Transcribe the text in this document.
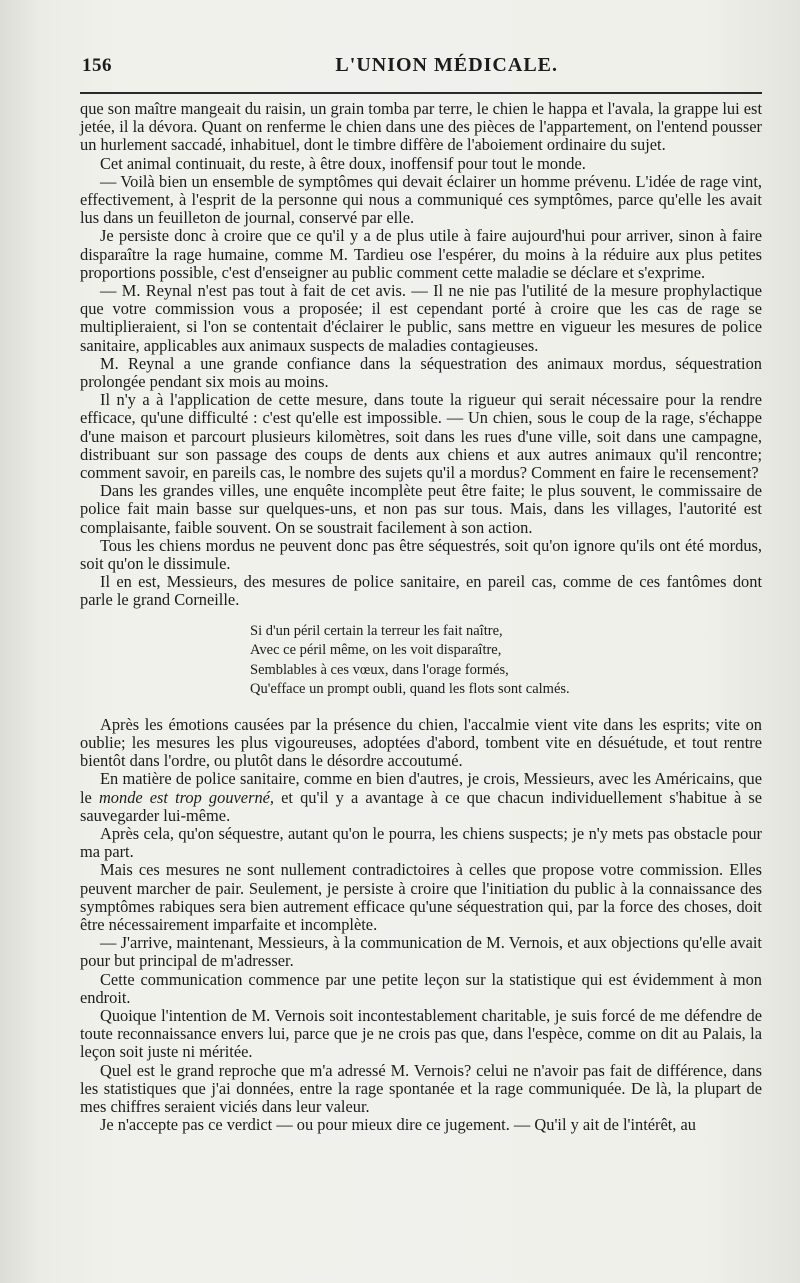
156	L'UNION MÉDICALE.

que son maître mangeait du raisin, un grain tomba par terre, le chien le happa et l'avala, la grappe lui est jetée, il la dévora. Quant on renferme le chien dans une des pièces de l'appartement, on l'entend pousser un hurlement saccadé, inhabituel, dont le timbre diffère de l'aboiement ordinaire du sujet.

Cet animal continuait, du reste, à être doux, inoffensif pour tout le monde.

— Voilà bien un ensemble de symptômes qui devait éclairer un homme prévenu. L'idée de rage vint, effectivement, à l'esprit de la personne qui nous a communiqué ces symptômes, parce qu'elle les avait lus dans un feuilleton de journal, conservé par elle.

Je persiste donc à croire que ce qu'il y a de plus utile à faire aujourd'hui pour arriver, sinon à faire disparaître la rage humaine, comme M. Tardieu ose l'espérer, du moins à la réduire aux plus petites proportions possible, c'est d'enseigner au public comment cette maladie se déclare et s'exprime.

— M. Reynal n'est pas tout à fait de cet avis. — Il ne nie pas l'utilité de la mesure prophylactique que votre commission vous a proposée; il est cependant porté à croire que les cas de rage se multiplieraient, si l'on se contentait d'éclairer le public, sans mettre en vigueur les mesures de police sanitaire, applicables aux animaux suspects de maladies contagieuses.

M. Reynal a une grande confiance dans la séquestration des animaux mordus, séquestration prolongée pendant six mois au moins.

Il n'y a à l'application de cette mesure, dans toute la rigueur qui serait nécessaire pour la rendre efficace, qu'une difficulté : c'est qu'elle est impossible. — Un chien, sous le coup de la rage, s'échappe d'une maison et parcourt plusieurs kilomètres, soit dans les rues d'une ville, soit dans une campagne, distribuant sur son passage des coups de dents aux chiens et aux autres animaux qu'il rencontre; comment savoir, en pareils cas, le nombre des sujets qu'il a mordus? Comment en faire le recensement?

Dans les grandes villes, une enquête incomplète peut être faite; le plus souvent, le commissaire de police fait main basse sur quelques-uns, et non pas sur tous. Mais, dans les villages, l'autorité est complaisante, faible souvent. On se soustrait facilement à son action.

Tous les chiens mordus ne peuvent donc pas être séquestrés, soit qu'on ignore qu'ils ont été mordus, soit qu'on le dissimule.

Il en est, Messieurs, des mesures de police sanitaire, en pareil cas, comme de ces fantômes dont parle le grand Corneille.

Si d'un péril certain la terreur les fait naître,
Avec ce péril même, on les voit disparaître,
Semblables à ces vœux, dans l'orage formés,
Qu'efface un prompt oubli, quand les flots sont calmés.

Après les émotions causées par la présence du chien, l'accalmie vient vite dans les esprits; vite on oublie; les mesures les plus vigoureuses, adoptées d'abord, tombent vite en désuétude, et tout rentre bientôt dans l'ordre, ou plutôt dans le désordre accoutumé.

En matière de police sanitaire, comme en bien d'autres, je crois, Messieurs, avec les Américains, que le monde est trop gouverné, et qu'il y a avantage à ce que chacun individuellement s'habitue à se sauvegarder lui-même.

Après cela, qu'on séquestre, autant qu'on le pourra, les chiens suspects; je n'y mets pas obstacle pour ma part.

Mais ces mesures ne sont nullement contradictoires à celles que propose votre commission. Elles peuvent marcher de pair. Seulement, je persiste à croire que l'initiation du public à la connaissance des symptômes rabiques sera bien autrement efficace qu'une séquestration qui, par la force des choses, doit être nécessairement imparfaite et incomplète.

— J'arrive, maintenant, Messieurs, à la communication de M. Vernois, et aux objections qu'elle avait pour but principal de m'adresser.

Cette communication commence par une petite leçon sur la statistique qui est évidemment à mon endroit.

Quoique l'intention de M. Vernois soit incontestablement charitable, je suis forcé de me défendre de toute reconnaissance envers lui, parce que je ne crois pas que, dans l'espèce, comme on dit au Palais, la leçon soit juste ni méritée.

Quel est le grand reproche que m'a adressé M. Vernois? celui ne n'avoir pas fait de différence, dans les statistiques que j'ai données, entre la rage spontanée et la rage communiquée. De là, la plupart de mes chiffres seraient viciés dans leur valeur.

Je n'accepte pas ce verdict — ou pour mieux dire ce jugement. — Qu'il y ait de l'intérêt, au
